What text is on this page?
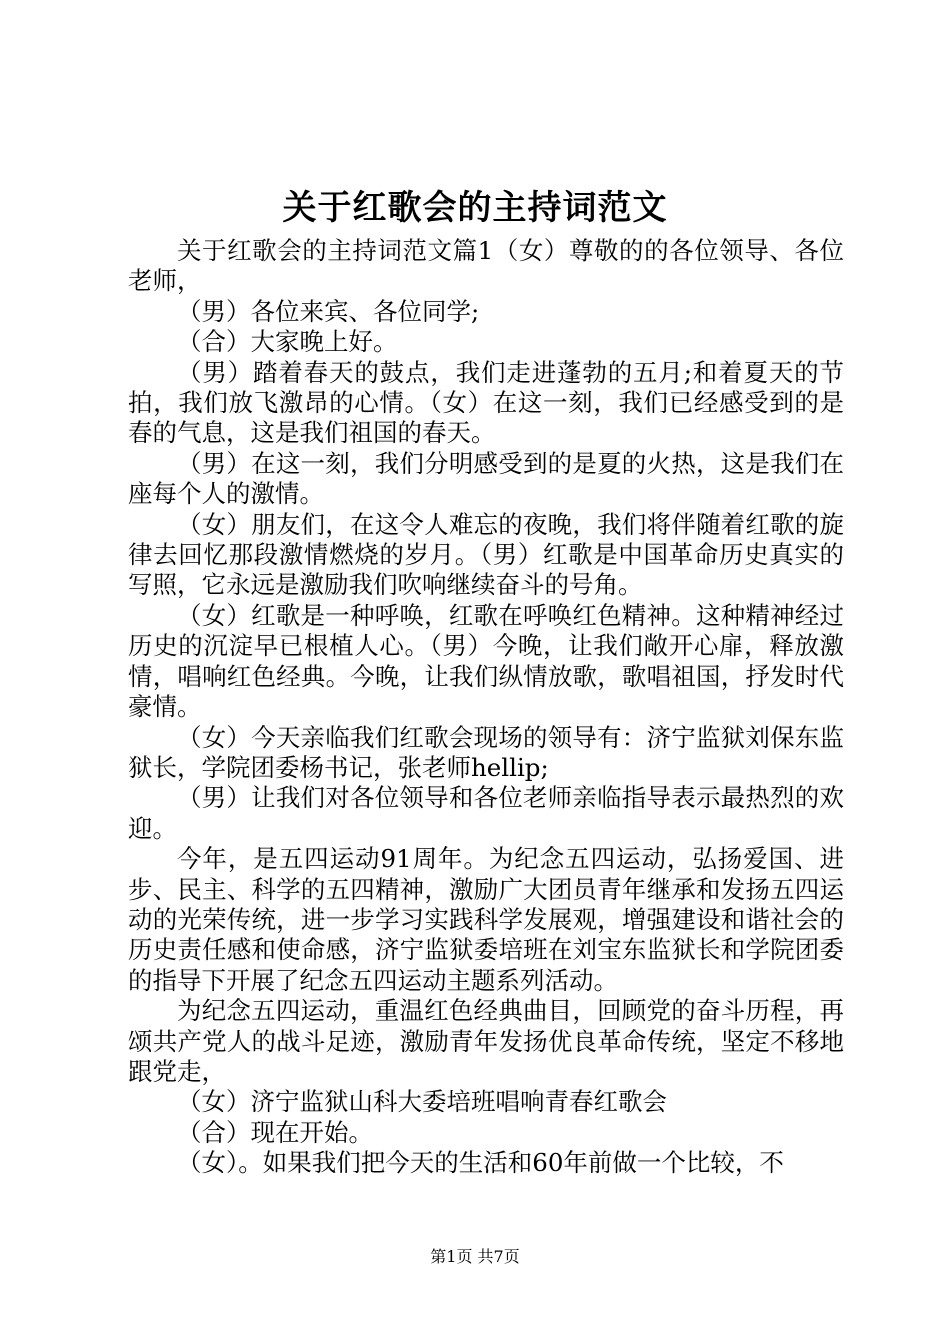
关于红歌会的主持词范文

关于红歌会的主持词范文篇1（女）尊敬的的各位领导、各位老师，

（男）各位来宾、各位同学;

（合）大家晚上好。

（男）踏着春天的鼓点，我们走进蓬勃的五月;和着夏天的节拍，我们放飞激昂的心情。（女）在这一刻，我们已经感受到的是春的气息，这是我们祖国的春天。

（男）在这一刻，我们分明感受到的是夏的火热，这是我们在座每个人的激情。

（女）朋友们，在这令人难忘的夜晚，我们将伴随着红歌的旋律去回忆那段激情燃烧的岁月。（男）红歌是中国革命历史真实的写照，它永远是激励我们吹响继续奋斗的号角。

（女）红歌是一种呼唤，红歌在呼唤红色精神。这种精神经过历史的沉淀早已根植人心。（男）今晚，让我们敞开心扉，释放激情，唱响红色经典。今晚，让我们纵情放歌，歌唱祖国，抒发时代豪情。

（女）今天亲临我们红歌会现场的领导有：济宁监狱刘保东监狱长，学院团委杨书记，张老师hellip;

（男）让我们对各位领导和各位老师亲临指导表示最热烈的欢迎。

今年，是五四运动91周年。为纪念五四运动，弘扬爱国、进步、民主、科学的五四精神，激励广大团员青年继承和发扬五四运动的光荣传统，进一步学习实践科学发展观，增强建设和谐社会的历史责任感和使命感，济宁监狱委培班在刘宝东监狱长和学院团委的指导下开展了纪念五四运动主题系列活动。

为纪念五四运动，重温红色经典曲目，回顾党的奋斗历程，再颂共产党人的战斗足迹，激励青年发扬优良革命传统，坚定不移地跟党走，

（女）济宁监狱山科大委培班唱响青春红歌会

（合）现在开始。

（女）。如果我们把今天的生活和60年前做一个比较，不

第1页 共7页
